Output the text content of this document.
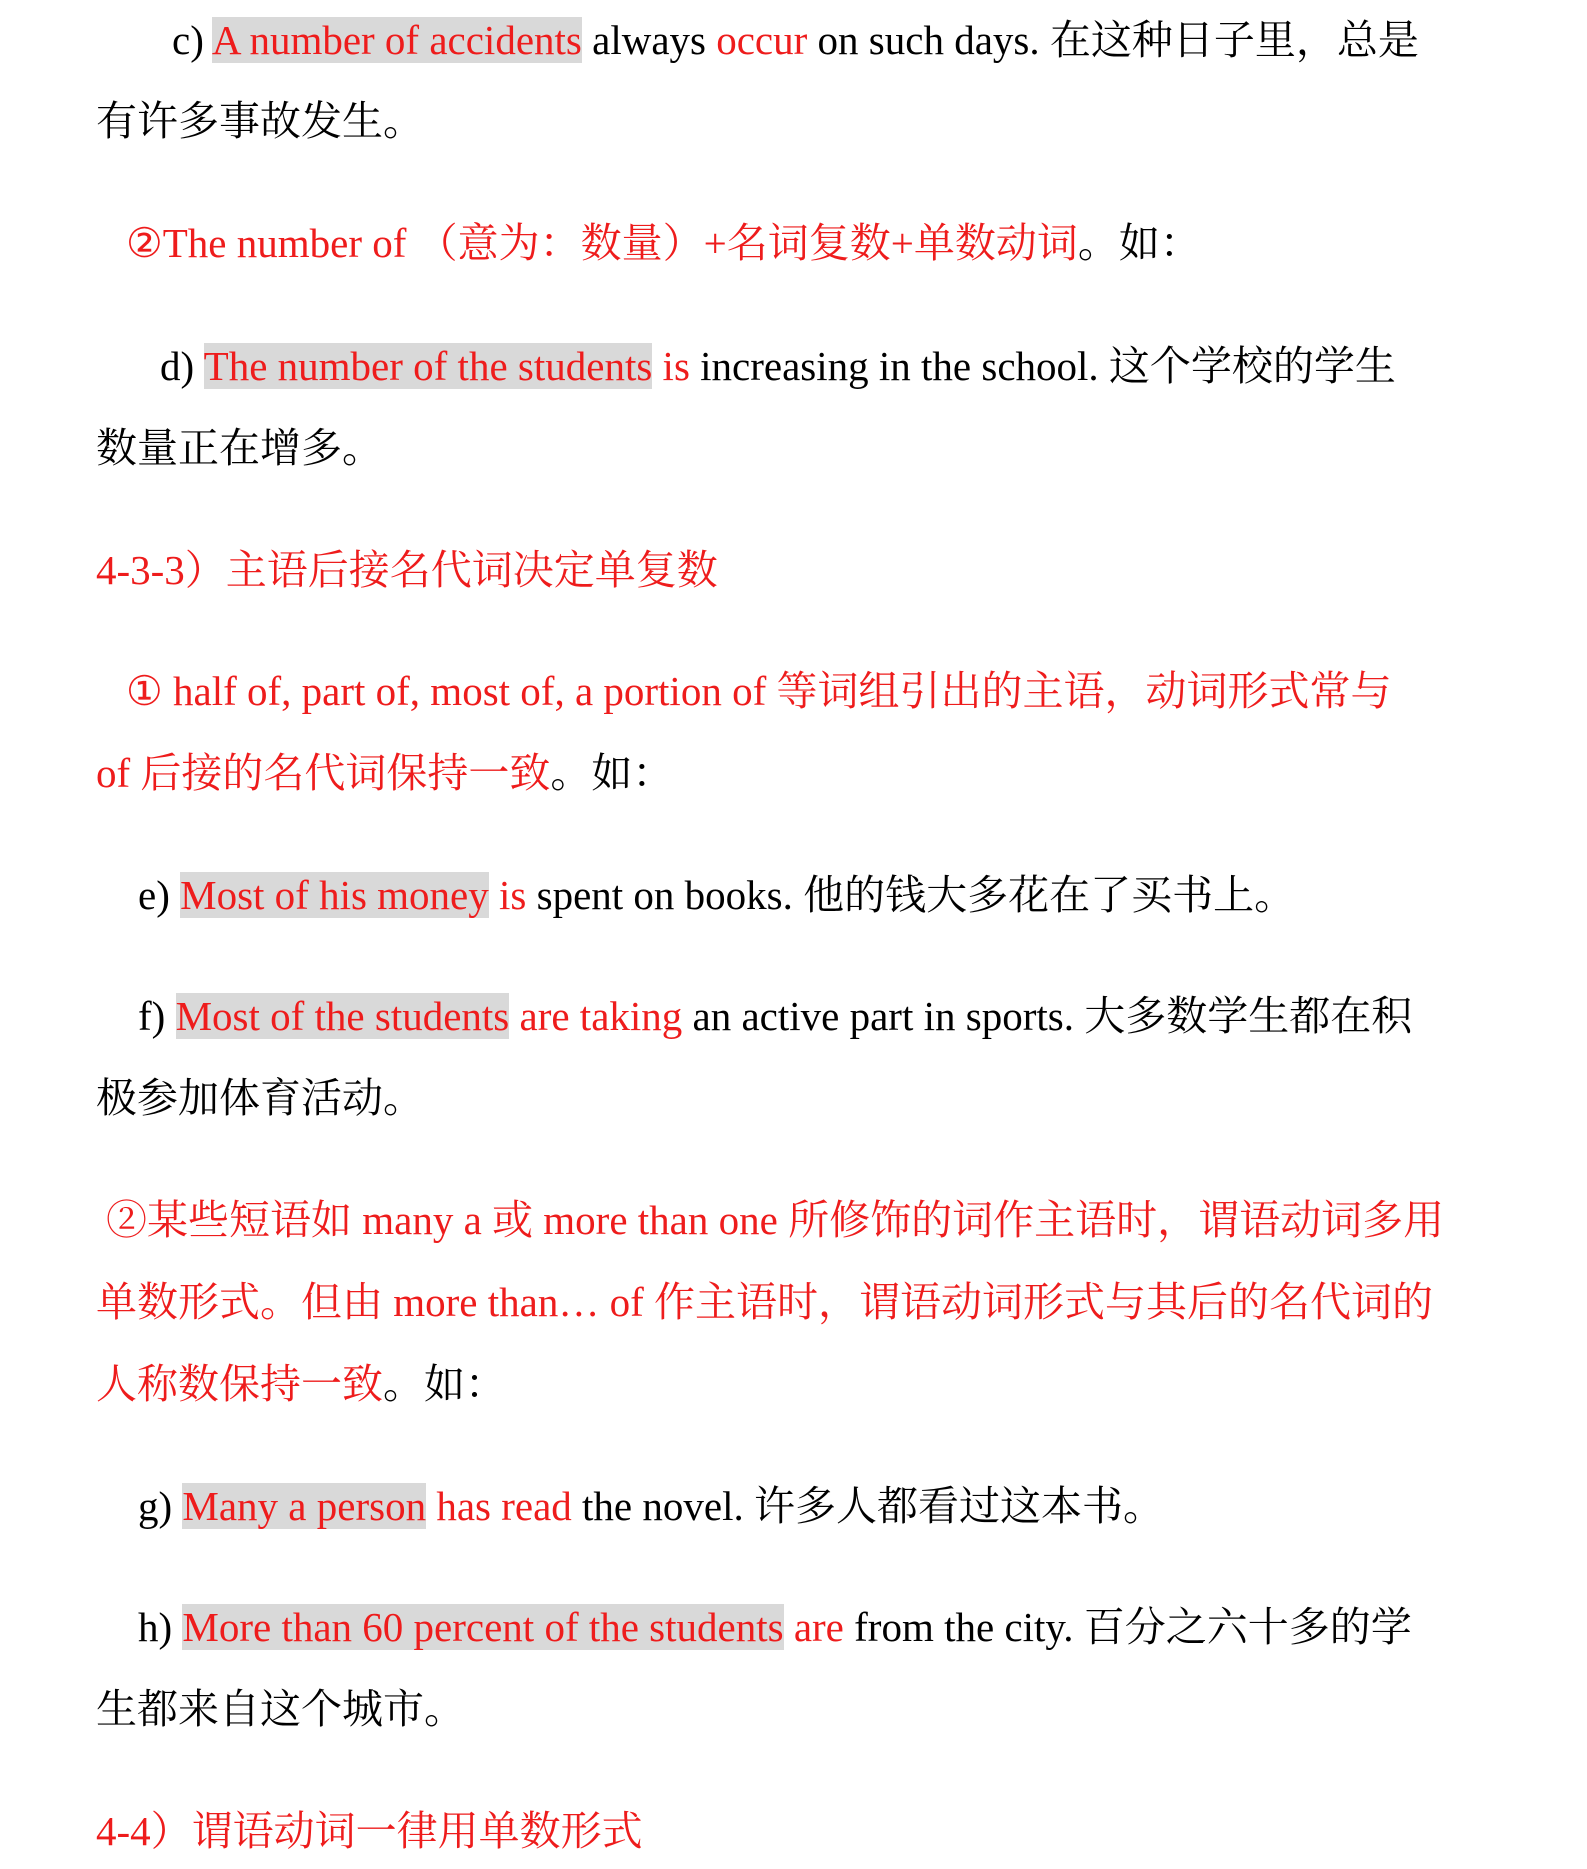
c) A number of accidents always occur on such days. 在这种日子里，总是
有许多事故发生。
②The number of （意为：数量）+名词复数+单数动词。如：
d) The number of the students is increasing in the school. 这个学校的学生
数量正在增多。
4-3-3）主语后接名代词决定单复数
① half of, part of, most of, a portion of 等词组引出的主语，动词形式常与
of 后接的名代词保持一致。如：
e) Most of his money is spent on books. 他的钱大多花在了买书上。
f) Most of the students are taking an active part in sports. 大多数学生都在积
极参加体育活动。
②某些短语如 many a 或 more than one 所修饰的词作主语时，谓语动词多用
单数形式。但由 more than… of 作主语时，谓语动词形式与其后的名代词的
人称数保持一致。如：
g) Many a person has read the novel. 许多人都看过这本书。
h) More than 60 percent of the students are from the city. 百分之六十多的学
生都来自这个城市。
4-4）谓语动词一律用单数形式
